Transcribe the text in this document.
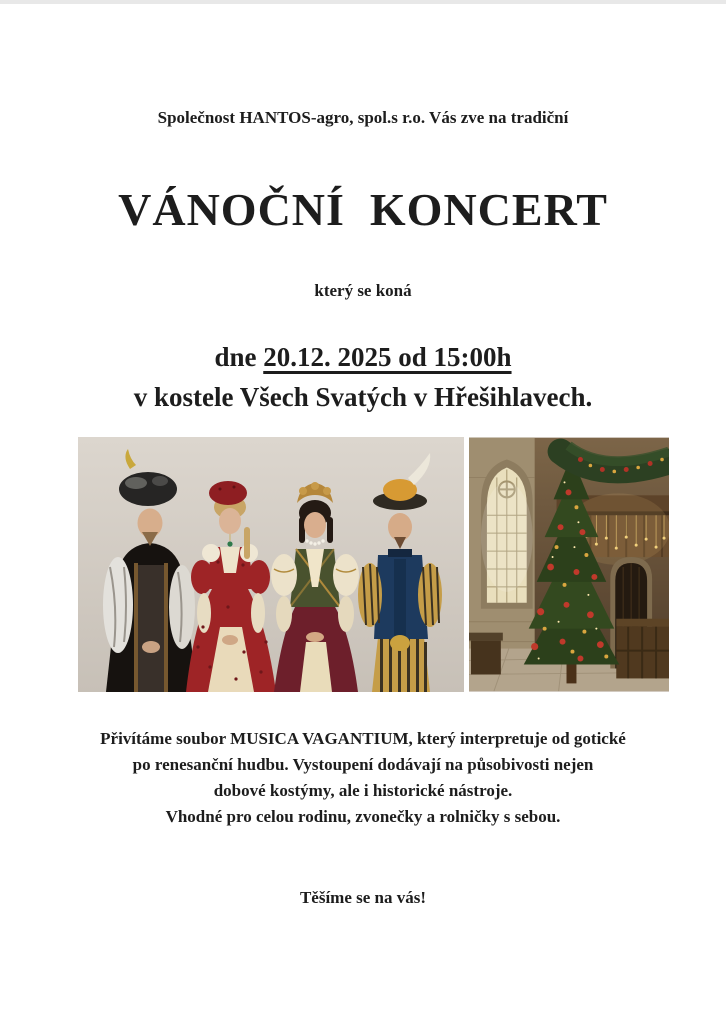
Společnost HANTOS-agro, spol.s r.o. Vás zve na tradiční

VÁNOČNÍ  KONCERT

který se koná

dne 20.12. 2025 od 15:00h

v kostele Všech Svatých v Hřešihlavech.

Přivítáme soubor MUSICA VAGANTIUM, který interpretuje od gotické
po renesanční hudbu. Vystoupení dodávají na působivosti nejen
dobové kostýmy, ale i historické nástroje.
Vhodné pro celou rodinu, zvonečky a rolničky s sebou.

Těšíme se na vás!
